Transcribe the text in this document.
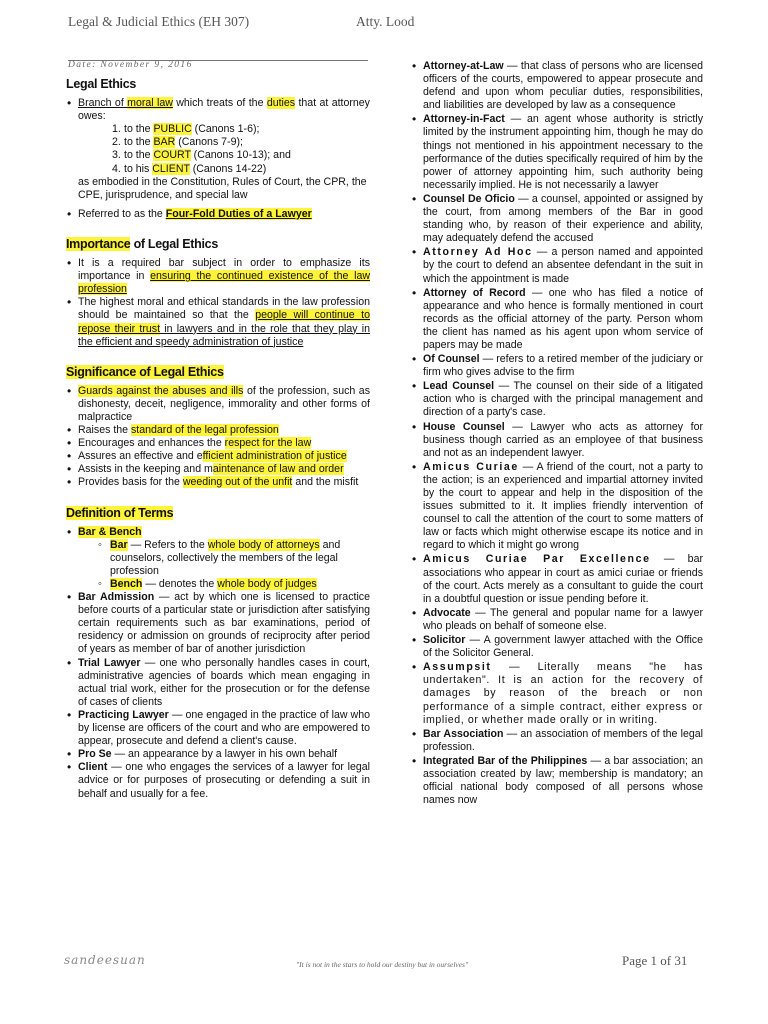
Legal & Judicial Ethics (EH 307)	Atty. Lood
Date: November 9, 2016
Legal Ethics
• Branch of moral law which treats of the duties that at attorney owes:
1. to the PUBLIC (Canons 1-6);
2. to the BAR (Canons 7-9);
3. to the COURT (Canons 10-13); and
4. to his CLIENT (Canons 14-22)
as embodied in the Constitution, Rules of Court, the CPR, the CPE, jurisprudence, and special law
• Referred to as the Four-Fold Duties of a Lawyer
Importance of Legal Ethics
• It is a required bar subject in order to emphasize its importance in ensuring the continued existence of the law profession
• The highest moral and ethical standards in the law profession should be maintained so that the people will continue to repose their trust in lawyers and in the role that they play in the efficient and speedy administration of justice
Significance of Legal Ethics
• Guards against the abuses and ills of the profession, such as dishonesty, deceit, negligence, immorality and other forms of malpractice
• Raises the standard of the legal profession
• Encourages and enhances the respect for the law
• Assures an effective and efficient administration of justice
• Assists in the keeping and maintenance of law and order
• Provides basis for the weeding out of the unfit and the misfit
Definition of Terms
• Bar & Bench
◦ Bar — Refers to the whole body of attorneys and counselors, collectively the members of the legal profession
◦ Bench — denotes the whole body of judges
• Bar Admission — act by which one is licensed to practice before courts of a particular state or jurisdiction after satisfying certain requirements such as bar examinations, period of residency or admission on grounds of reciprocity after period of years as member of bar of another jurisdiction
• Trial Lawyer — one who personally handles cases in court, administrative agencies of boards which mean engaging in actual trial work, either for the prosecution or for the defense of cases of clients
• Practicing Lawyer — one engaged in the practice of law who by license are officers of the court and who are empowered to appear, prosecute and defend a client's cause.
• Pro Se — an appearance by a lawyer in his own behalf
• Client — one who engages the services of a lawyer for legal advice or for purposes of prosecuting or defending a suit in behalf and usually for a fee.
• Attorney-at-Law — that class of persons who are licensed officers of the courts, empowered to appear prosecute and defend and upon whom peculiar duties, responsibilities, and liabilities are developed by law as a consequence
• Attorney-in-Fact — an agent whose authority is strictly limited by the instrument appointing him, though he may do things not mentioned in his appointment necessary to the performance of the duties specifically required of him by the power of attorney appointing him, such authority being necessarily implied. He is not necessarily a lawyer
• Counsel De Oficio — a counsel, appointed or assigned by the court, from among members of the Bar in good standing who, by reason of their experience and ability, may adequately defend the accused
• Attorney Ad Hoc — a person named and appointed by the court to defend an absentee defendant in the suit in which the appointment is made
• Attorney of Record — one who has filed a notice of appearance and who hence is formally mentioned in court records as the official attorney of the party. Person whom the client has named as his agent upon whom service of papers may be made
• Of Counsel — refers to a retired member of the judiciary or firm who gives advise to the firm
• Lead Counsel — The counsel on their side of a litigated action who is charged with the principal management and direction of a party's case.
• House Counsel — Lawyer who acts as attorney for business though carried as an employee of that business and not as an independent lawyer.
• Amicus Curiae — A friend of the court, not a party to the action; is an experienced and impartial attorney invited by the court to appear and help in the disposition of the issues submitted to it. It implies friendly intervention of counsel to call the attention of the court to some matters of law or facts which might otherwise escape its notice and in regard to which it might go wrong
• Amicus Curiae Par Excellence — bar associations who appear in court as amici curiae or friends of the court. Acts merely as a consultant to guide the court in a doubtful question or issue pending before it.
• Advocate — The general and popular name for a lawyer who pleads on behalf of someone else.
• Solicitor — A government lawyer attached with the Office of the Solicitor General.
• Assumpsit — Literally means "he has undertaken". It is an action for the recovery of damages by reason of the breach or non performance of a simple contract, either express or implied, or whether made orally or in writing.
• Bar Association — an association of members of the legal profession.
• Integrated Bar of the Philippines — a bar association; an association created by law; membership is mandatory; an official national body composed of all persons whose names now
sandeesuan	"It is not in the stars to hold our destiny but in ourselves"	Page 1 of 31
